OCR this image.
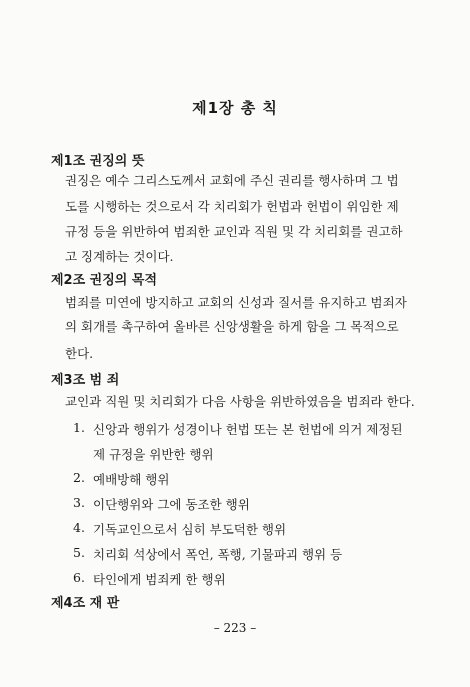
제1장 총 칙
제1조 권징의 뜻

권징은 예수 그리스도께서 교회에 주신 권리를 행사하며 그 법

도를 시행하는 것으로서 각 치리회가 헌법과 헌법이 위임한 제

규정 등을 위반하여 범죄한 교인과 직원 및 각 치리회를 권고하

고 징계하는 것이다.

제2조 권징의 목적

범죄를 미연에 방지하고 교회의 신성과 질서를 유지하고 범죄자

의 회개를 촉구하여 올바른 신앙생활을 하게 함을 그 목적으로

한다.

제3조 범 죄

교인과 직원 및 치리회가 다음 사항을 위반하였음을 범죄라 한다.

1. 신앙과 행위가 성경이나 헌법 또는 본 헌법에 의거 제정된
제 규정을 위반한 행위
2. 예배방해 행위
3. 이단행위와 그에 동조한 행위
4. 기독교인으로서 심히 부도덕한 행위
5. 치리회 석상에서 폭언, 폭행, 기물파괴 행위 등
6. 타인에게 범죄케 한 행위
제4조 재 판
– 223 –
